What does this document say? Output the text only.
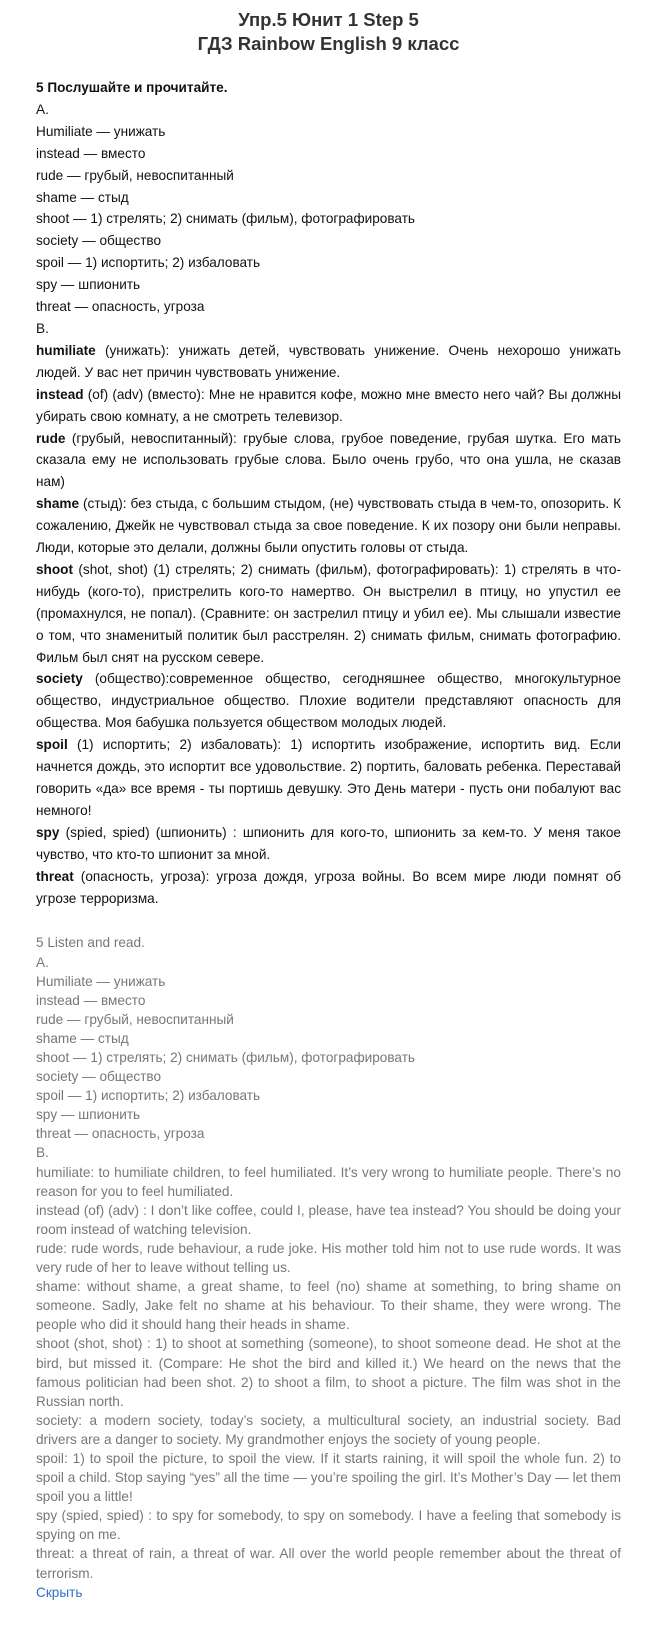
Упр.5 Юнит 1 Step 5
ГДЗ Rainbow English 9 класс
5 Послушайте и прочитайте.
A.
Humiliate — унижать
instead — вместо
rude — грубый, невоспитанный
shame — стыд
shoot — 1) стрелять; 2) снимать (фильм), фотографировать
society — общество
spoil — 1) испортить; 2) избаловать
spy — шпионить
threat — опасность, угроза
B.
humiliate (унижать): унижать детей, чувствовать унижение. Очень нехорошо унижать людей. У вас нет причин чувствовать унижение.
instead (of) (adv) (вместо): Мне не нравится кофе, можно мне вместо него чай? Вы должны убирать свою комнату, а не смотреть телевизор.
rude (грубый, невоспитанный): грубые слова, грубое поведение, грубая шутка. Его мать сказала ему не использовать грубые слова. Было очень грубо, что она ушла, не сказав нам)
shame (стыд): без стыда, с большим стыдом, (не) чувствовать стыда в чем-то, опозорить. К сожалению, Джейк не чувствовал стыда за свое поведение. К их позору они были неправы. Люди, которые это делали, должны были опустить головы от стыда.
shoot (shot, shot) (1) стрелять; 2) снимать (фильм), фотографировать): 1) стрелять в что-нибудь (кого-то), пристрелить кого-то намертво. Он выстрелил в птицу, но упустил ее (промахнулся, не попал). (Сравните: он застрелил птицу и убил ее). Мы слышали известие о том, что знаменитый политик был расстрелян. 2) снимать фильм, снимать фотографию. Фильм был снят на русском севере.
society (общество):современное общество, сегодняшнее общество, многокультурное общество, индустриальное общество. Плохие водители представляют опасность для общества. Моя бабушка пользуется обществом молодых людей.
spoil (1) испортить; 2) избаловать): 1) испортить изображение, испортить вид. Если начнется дождь, это испортит все удовольствие. 2) портить, баловать ребенка. Переставай говорить «да» все время - ты портишь девушку. Это День матери - пусть они побалуют вас немного!
spy (spied, spied) (шпионить) : шпионить для кого-то, шпионить за кем-то. У меня такое чувство, что кто-то шпионит за мной.
threat (опасность, угроза): угроза дождя, угроза войны. Во всем мире люди помнят об угрозе терроризма.
5 Listen and read.
A.
Humiliate — унижать
instead — вместо
rude — грубый, невоспитанный
shame — стыд
shoot — 1) стрелять; 2) снимать (фильм), фотографировать
society — общество
spoil — 1) испортить; 2) избаловать
spy — шпионить
threat — опасность, угроза
B.
humiliate: to humiliate children, to feel humiliated. It’s very wrong to humiliate people. There’s no reason for you to feel humiliated.
instead (of) (adv) : I don’t like coffee, could I, please, have tea instead? You should be doing your room instead of watching television.
rude: rude words, rude behaviour, a rude joke. His mother told him not to use rude words. It was very rude of her to leave without telling us.
shame: without shame, a great shame, to feel (no) shame at something, to bring shame on someone. Sadly, Jake felt no shame at his behaviour. To their shame, they were wrong. The people who did it should hang their heads in shame.
shoot (shot, shot) : 1) to shoot at something (someone), to shoot someone dead. He shot at the bird, but missed it. (Compare: He shot the bird and killed it.) We heard on the news that the famous politician had been shot. 2) to shoot a film, to shoot a picture. The film was shot in the Russian north.
society: a modern society, today’s society, a multicultural society, an industrial society. Bad drivers are a danger to society. My grandmother enjoys the society of young people.
spoil: 1) to spoil the picture, to spoil the view. If it starts raining, it will spoil the whole fun. 2) to spoil a child. Stop saying “yes” all the time — you’re spoiling the girl. It’s Mother’s Day — let them spoil you a little!
spy (spied, spied) : to spy for somebody, to spy on somebody. I have a feeling that somebody is spying on me.
threat: a threat of rain, a threat of war. All over the world people remember about the threat of terrorism.
Скрыть
